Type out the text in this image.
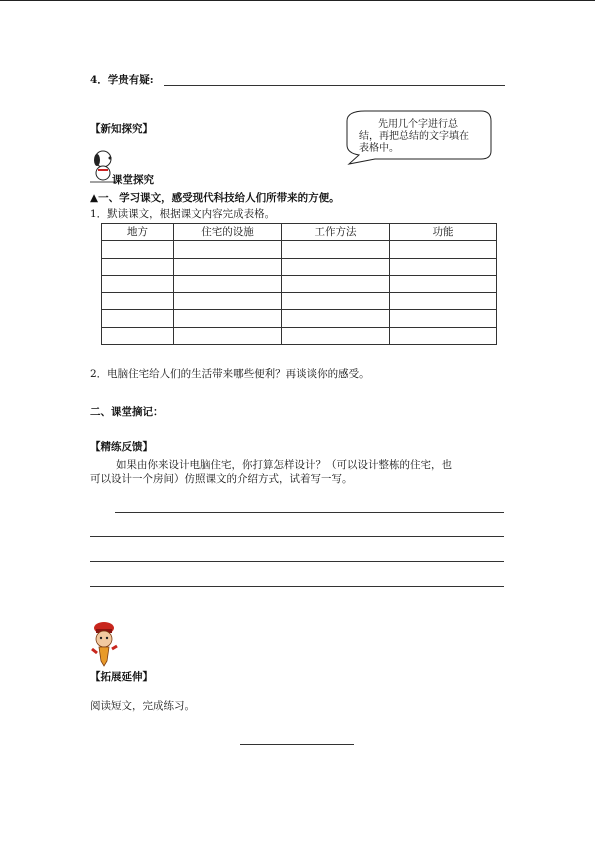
4．学贵有疑:
【新知探究】	先用几个字进行总
结，再把总结的文字填在
表格中。
课堂探究
▲一、学习课文，感受现代科技给人们所带来的方便。
1．默读课文，根据课文内容完成表格。
地方	住宅的设施	工作方法	功能

2．电脑住宅给人们的生活带来哪些便利？再谈谈你的感受。
二、课堂摘记：
【精练反馈】
如果由你来设计电脑住宅，你打算怎样设计？（可以设计整栋的住宅，也
可以设计一个房间）仿照课文的介绍方式，试着写一写。
【拓展延伸】
阅读短文，完成练习。
